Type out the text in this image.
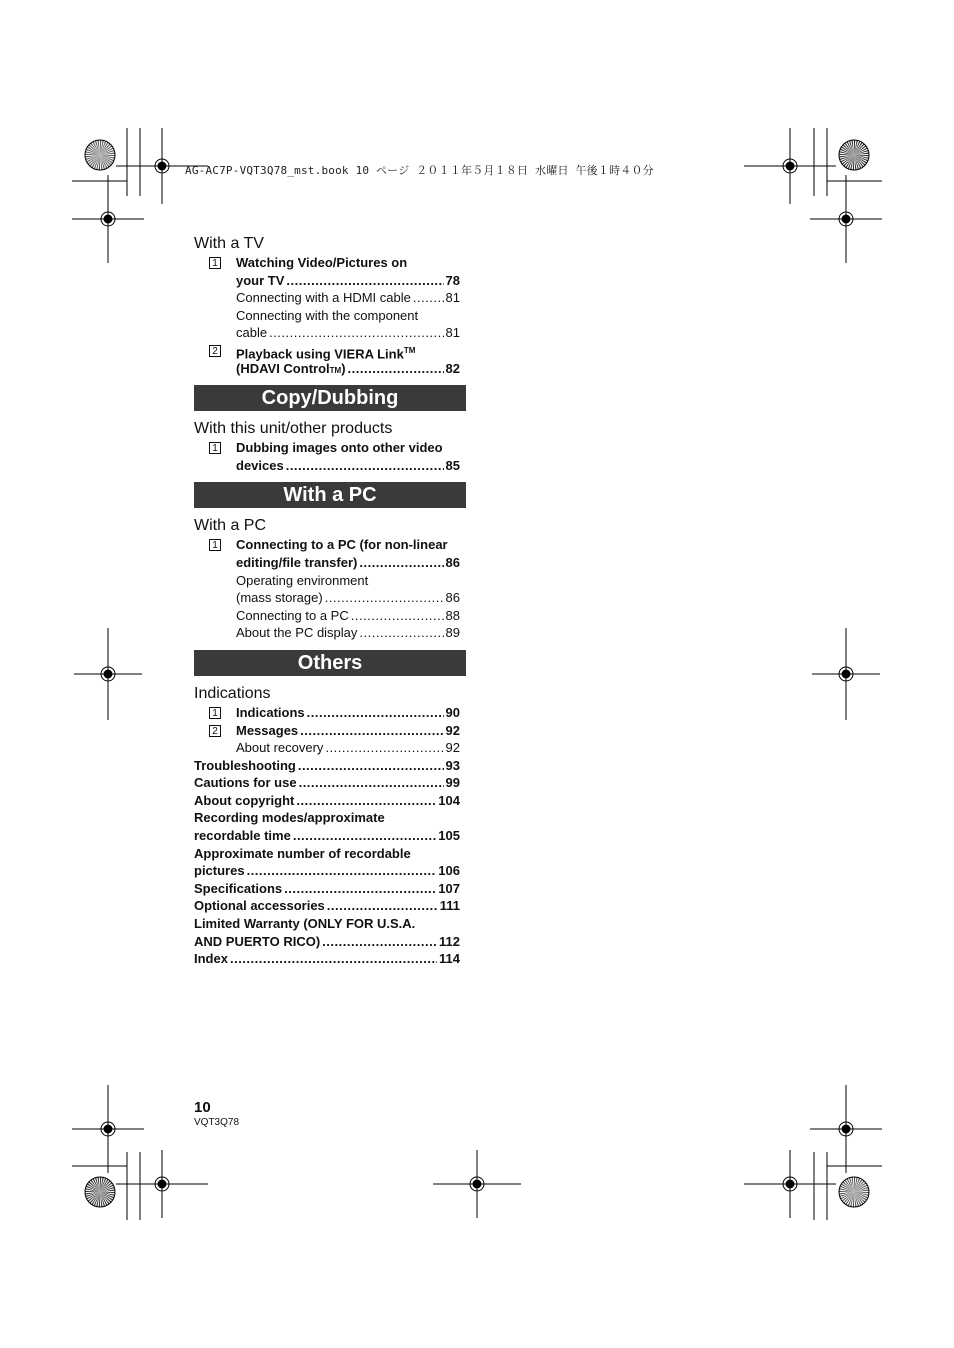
AG-AC7P-VQT3Q78_mst.book 10 ページ ２０１１年５月１８日 水曜日 午後１時４０分

With a TV

1	Watching Video/Pictures on
your TV .....	78
Connecting with a HDMI cable .....	81
Connecting with the component
cable .....	81
2	Playback using VIERA Link™
(HDAVI Control TM ) .....	82
Copy/Dubbing

With this unit/other products

1	Dubbing images onto other video
devices .....	85
With a PC

With a PC

1	Connecting to a PC (for non-linear
editing/file transfer) .....	86
Operating environment
(mass storage) .....	86
Connecting to a PC .....	88
About the PC display .....	89
Others

Indications

1 Indications .....	90
2 Messages .....	92
About recovery .....	92
Troubleshooting .....	93
Cautions for use .....	99
About copyright .....	104
Recording modes/approximate
recordable time .....	105
Approximate number of recordable
pictures .....	106
Specifications .....	107
Optional accessories .....	111
Limited Warranty (ONLY FOR U.S.A.
AND PUERTO RICO) .....	112
Index .....	114
10
VQT3Q78
